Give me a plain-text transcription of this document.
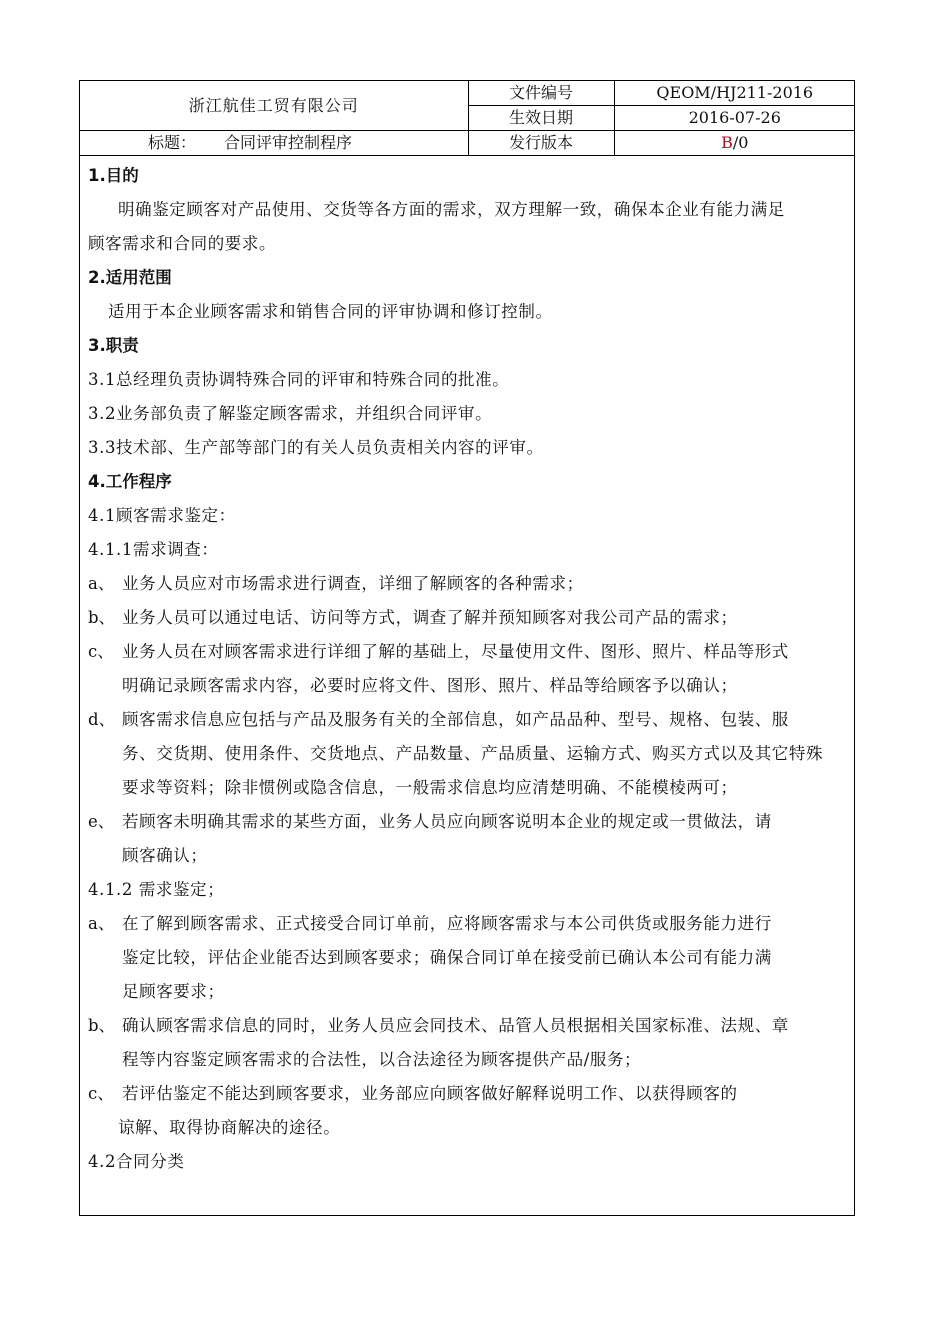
浙江航佳工贸有限公司	文件编号	QEOM/HJ211-2016
	生效日期	2016-07-26
标题： 合同评审控制程序	发行版本	B/0
1.目的
明确鉴定顾客对产品使用、交货等各方面的需求，双方理解一致，确保本企业有能力满足
顾客需求和合同的要求。
2.适用范围
适用于本企业顾客需求和销售合同的评审协调和修订控制。
3.职责
3.1总经理负责协调特殊合同的评审和特殊合同的批准。
3.2业务部负责了解鉴定顾客需求，并组织合同评审。
3.3技术部、生产部等部门的有关人员负责相关内容的评审。
4.工作程序
4.1顾客需求鉴定：
4.1.1需求调查：
a、 业务人员应对市场需求进行调查，详细了解顾客的各种需求；
b、 业务人员可以通过电话、访问等方式，调查了解并预知顾客对我公司产品的需求；
c、 业务人员在对顾客需求进行详细了解的基础上，尽量使用文件、图形、照片、样品等形式
明确记录顾客需求内容，必要时应将文件、图形、照片、样品等给顾客予以确认；
d、 顾客需求信息应包括与产品及服务有关的全部信息，如产品品种、型号、规格、包装、服
务、交货期、使用条件、交货地点、产品数量、产品质量、运输方式、购买方式以及其它特殊
要求等资料；除非惯例或隐含信息，一般需求信息均应清楚明确、不能模棱两可；
e、 若顾客未明确其需求的某些方面，业务人员应向顾客说明本企业的规定或一贯做法，请
顾客确认；
4.1.2 需求鉴定；
a、 在了解到顾客需求、正式接受合同订单前，应将顾客需求与本公司供货或服务能力进行
鉴定比较，评估企业能否达到顾客要求；确保合同订单在接受前已确认本公司有能力满
足顾客要求；
b、 确认顾客需求信息的同时，业务人员应会同技术、品管人员根据相关国家标准、法规、章
程等内容鉴定顾客需求的合法性，以合法途径为顾客提供产品/服务；
c、 若评估鉴定不能达到顾客要求，业务部应向顾客做好解释说明工作、以获得顾客的
谅解、取得协商解决的途径。
4.2合同分类
